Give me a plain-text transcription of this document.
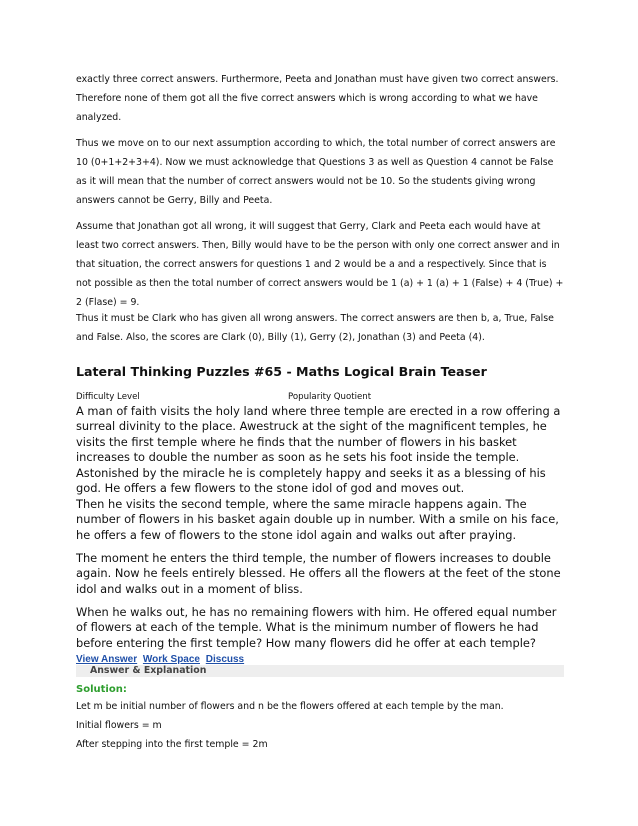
exactly three correct answers. Furthermore, Peeta and Jonathan must have given two correct answers. Therefore none of them got all the five correct answers which is wrong according to what we have analyzed.

Thus we move on to our next assumption according to which, the total number of correct answers are 10 (0+1+2+3+4). Now we must acknowledge that Questions 3 as well as Question 4 cannot be False as it will mean that the number of correct answers would not be 10. So the students giving wrong answers cannot be Gerry, Billy and Peeta.

Assume that Jonathan got all wrong, it will suggest that Gerry, Clark and Peeta each would have at least two correct answers. Then, Billy would have to be the person with only one correct answer and in that situation, the correct answers for questions 1 and 2 would be a and a respectively. Since that is not possible as then the total number of correct answers would be 1 (a) + 1 (a) + 1 (False) + 4 (True) + 2 (Flase) = 9.

Thus it must be Clark who has given all wrong answers. The correct answers are then b, a, True, False and False. Also, the scores are Clark (0), Billy (1), Gerry (2), Jonathan (3) and Peeta (4).

Lateral Thinking Puzzles #65 - Maths Logical Brain Teaser
Difficulty Level	Popularity Quotient

A man of faith visits the holy land where three temple are erected in a row offering a surreal divinity to the place. Awestruck at the sight of the magnificent temples, he visits the first temple where he finds that the number of flowers in his basket increases to double the number as soon as he sets his foot inside the temple. Astonished by the miracle he is completely happy and seeks it as a blessing of his god. He offers a few flowers to the stone idol of god and moves out.

Then he visits the second temple, where the same miracle happens again. The number of flowers in his basket again double up in number. With a smile on his face, he offers a few of flowers to the stone idol again and walks out after praying.

The moment he enters the third temple, the number of flowers increases to double again. Now he feels entirely blessed. He offers all the flowers at the feet of the stone idol and walks out in a moment of bliss.

When he walks out, he has no remaining flowers with him. He offered equal number of flowers at each of the temple. What is the minimum number of flowers he had before entering the first temple? How many flowers did he offer at each temple?

View Answer Work Space Discuss
Answer & Explanation
Solution:

Let m be initial number of flowers and n be the flowers offered at each temple by the man.

Initial flowers = m

After stepping into the first temple = 2m
